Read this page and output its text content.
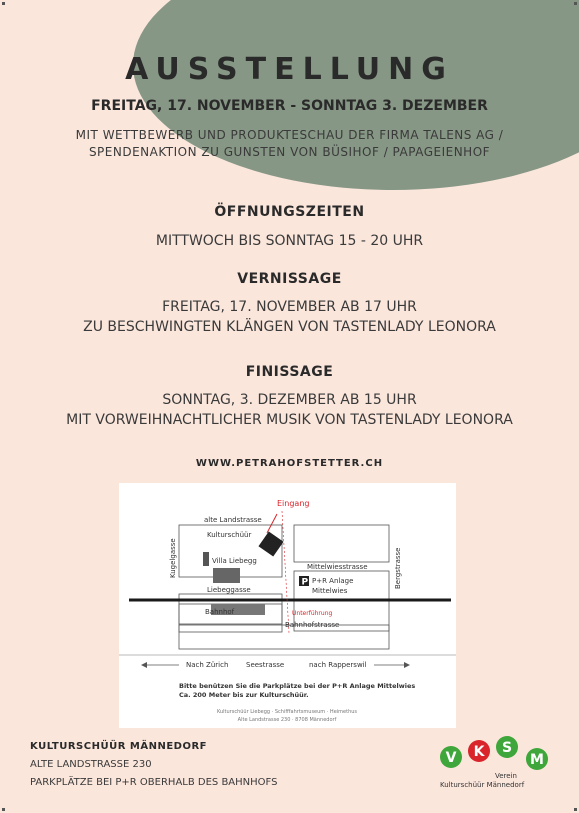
AUSSTELLUNG
FREITAG, 17. NOVEMBER - SONNTAG 3. DEZEMBER
MIT WETTBEWERB UND PRODUKTESCHAU DER FIRMA TALENS AG /
SPENDENAKTION ZU GUNSTEN VON BÜSIHOF / PAPAGEIENHOF
ÖFFNUNGSZEITEN
MITTWOCH BIS SONNTAG 15 - 20 UHR
VERNISSAGE
FREITAG, 17. NOVEMBER AB 17 UHR
ZU BESCHWINGTEN KLÄNGEN VON TASTENLADY LEONORA
FINISSAGE
SONNTAG, 3. DEZEMBER AB 15 UHR
MIT VORWEIHNACHTLICHER MUSIK VON TASTENLADY LEONORA
WWW.PETRAHOFSTETTER.CH
P
Eingang
alte Landstrasse
Kulturschüür
Villa Liebegg
Kugelgasse
Liebeggasse
Mittelwiesstrasse
P+R Anlage
Mittelwies
Bergstrasse
Bahnhof	Unterführung
Bahnhofstrasse
Nach Zürich	Seestrasse	nach Rapperswil
Bitte benützen Sie die Parkplätze bei der P+R Anlage Mittelwies
Ca. 200 Meter bis zur Kulturschüür.
Kulturschüür Liebegg · Schifffahrtsmuseum · Heimethus
Alte Landstrasse 230 · 8708 Männedorf
KULTURSCHÜÜR MÄNNEDORF
ALTE LANDSTRASSE 230
PARKPLÄTZE BEI P+R OBERHALB DES BAHNHOFS
V K S
M
Verein
Kulturschüür Männedorf
